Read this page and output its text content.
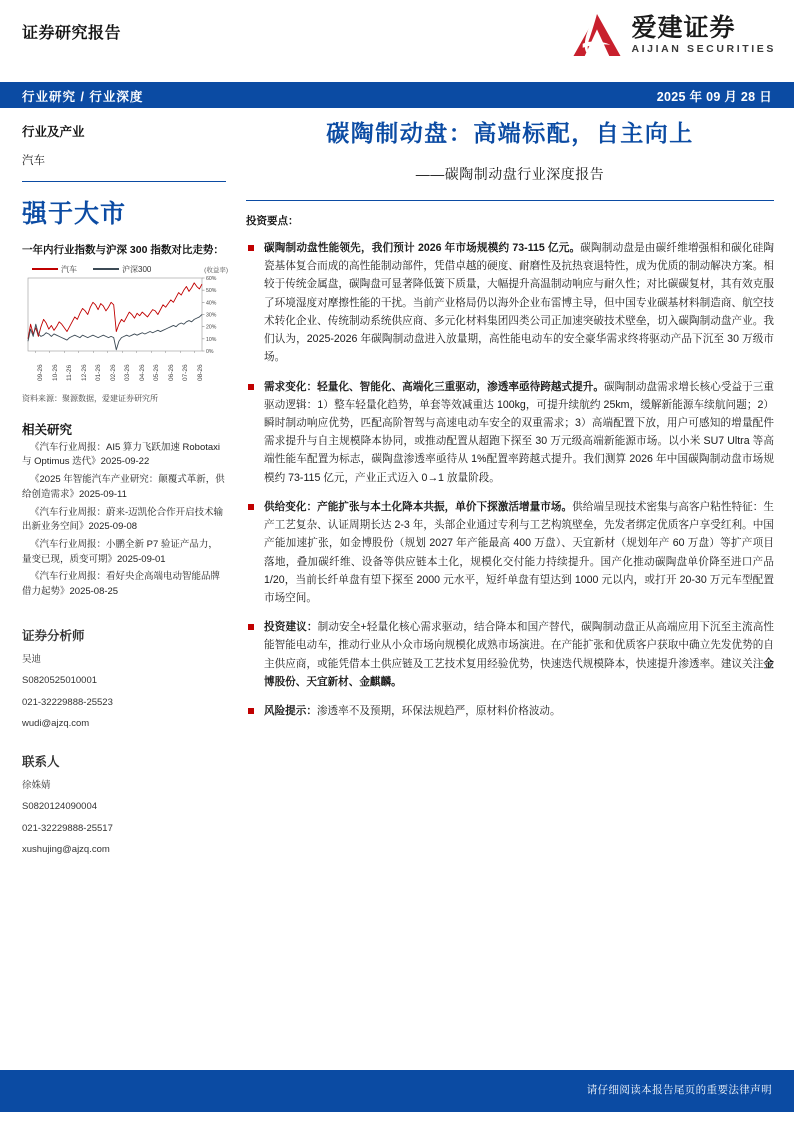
证券研究报告	爱建证券
AIJIAN SECURITIES
行业研究 / 行业深度	2025 年 09 月 28 日
行业及产业
汽车
强于大市
一年内行业指数与沪深 300 指数对比走势：
汽车	沪深300	(收益率)
0%
10%
20%
30%
40%
50%
60%
09-26 10-26 11-26 12-26 01-26 02-26 03-26 04-26 05-26 06-26 07-26 08-26
资料来源：聚源数据，爱建证券研究所
相关研究
《汽车行业周报：AI5 算力飞跃加速 Robotaxi 与 Optimus 迭代》2025-09-22
《2025 年智能汽车产业研究：颠覆式革新，供给创造需求》2025-09-11
《汽车行业周报：蔚来-迈凯伦合作开启技术输出新业务空间》2025-09-08
《汽车行业周报：小鹏全新 P7 验证产品力，量变已现，质变可期》2025-09-01
《汽车行业周报：看好央企高端电动智能品牌借力起势》2025-08-25
证券分析师
吴迪
S0820525010001
021-32229888-25523
wudi@ajzq.com
联系人
徐姝婧
S0820124090004
021-32229888-25517
xushujing@ajzq.com
碳陶制动盘：高端标配，自主向上
——碳陶制动盘行业深度报告
投资要点：
碳陶制动盘性能领先，我们预计 2026 年市场规模约 73-115 亿元。碳陶制动盘是由碳纤维增强相和碳化硅陶瓷基体复合而成的高性能制动部件，凭借卓越的硬度、耐磨性及抗热衰退特性，成为优质的制动解决方案。相较于传统金属盘，碳陶盘可显著降低簧下质量，大幅提升高温制动响应与耐久性；对比碳碳复材，其有效克服了环境湿度对摩擦性能的干扰。当前产业格局仍以海外企业布雷博主导，但中国专业碳基材料制造商、航空技术转化企业、传统制动系统供应商、多元化材料集团四类公司正加速突破技术壁垒，切入碳陶制动盘产业。我们认为，2025-2026 年碳陶制动盘进入放量期，高性能电动车的安全豪华需求终将驱动产品下沉至 30 万级市场。
需求变化：轻量化、智能化、高端化三重驱动，渗透率亟待跨越式提升。碳陶制动盘需求增长核心受益于三重驱动逻辑：1）整车轻量化趋势，单套等效减重达 100kg，可提升续航约 25km，缓解新能源车续航问题；2）瞬时制动响应优势，匹配高阶智驾与高速电动车安全的双重需求；3）高端配置下放，用户可感知的增量配件需求提升与自主规模降本协同，或推动配置从超跑下探至 30 万元级高端新能源市场。以小米 SU7 Ultra 等高端性能车配置为标志，碳陶盘渗透率亟待从 1%配置率跨越式提升。我们测算 2026 年中国碳陶制动盘市场规模约 73-115 亿元，产业正式迈入 0→1 放量阶段。
供给变化：产能扩张与本土化降本共振，单价下探激活增量市场。供给端呈现技术密集与高客户粘性特征：生产工艺复杂、认证周期长达 2-3 年，头部企业通过专利与工艺构筑壁垒，先发者绑定优质客户享受红利。中国产能加速扩张，如金博股份（规划 2027 年产能最高 400 万盘）、天宜新材（规划年产 60 万盘）等扩产项目落地，叠加碳纤维、设备等供应链本土化，规模化交付能力持续提升。国产化推动碳陶盘单价降至进口产品 1/20，当前长纤单盘有望下探至 2000 元水平，短纤单盘有望达到 1000 元以内，或打开 20-30 万元车型配置市场空间。
投资建议：制动安全+轻量化核心需求驱动，结合降本和国产替代，碳陶制动盘正从高端应用下沉至主流高性能智能电动车，推动行业从小众市场向规模化成熟市场演进。在产能扩张和优质客户获取中确立先发优势的自主供应商，或能凭借本土供应链及工艺技术复用经验优势，快速迭代规模降本，快速提升渗透率。建议关注金博股份、天宜新材、金麒麟。
风险提示：渗透率不及预期，环保法规趋严，原材料价格波动。
请仔细阅读本报告尾页的重要法律声明
